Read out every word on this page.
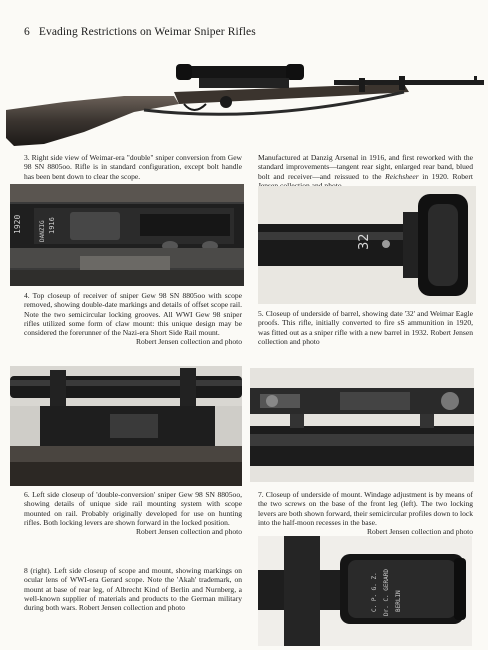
6 Evading Restrictions on Weimar Sniper Rifles

3. Right side view of Weimar-era "double" sniper conversion from Gew 98 SN 8805oo. Rifle is in standard configuration, except bolt handle has been bent down to clear the scope.

Manufactured at Danzig Arsenal in 1916, and first reworked with the standard improvements—tangent rear sight, enlarged rear band, blued bolt and receiver—and reissued to the Reichsheer in 1920. Robert

1920	DANZIG 1916
32

4. Top closeup of receiver of sniper Gew 98 SN 8805oo with scope removed, showing double-date markings and details of offset scope rail. Note the two semicircular locking grooves. All WWI Gew 98 sniper rifles utilized some form of claw mount: this unique design may be considered the forerunner of the Nazi-era Short Side Rail mount.

Robert Jensen collection and photo

5. Closeup of underside of barrel, showing date '32' and Weimar Eagle proofs. This rifle, initially converted to fire sS ammunition in 1920, was fitted out as a sniper rifle with a new barrel in 1932. Robert Jensen collection and photo

6. Left side closeup of 'double-conversion' sniper Gew 98 SN 8805oo, showing details of unique side rail mounting system with scope mounted on rail. Probably originally developed for use on hunting rifles. Both locking levers are shown forward in the locked position.

Robert Jensen collection and photo

7. Closeup of underside of mount. Windage adjustment is by means of the two screws on the base of the front leg (left). The two locking levers are both shown forward, their semicircular profiles down to lock into the half-moon recesses in the base.

Robert Jensen collection and photo

8 (right). Left side closeup of scope and mount, showing markings on ocular lens of WWI-era Gerard scope. Note the 'Akah' trademark, on mount at base of rear leg, of Albrecht Kind of Berlin and Nurnberg, a well-known supplier of materials and products to the German military during both wars. Robert Jensen collection and photo	C. P. G. Z. Dr. C. GERARD BERLIN
